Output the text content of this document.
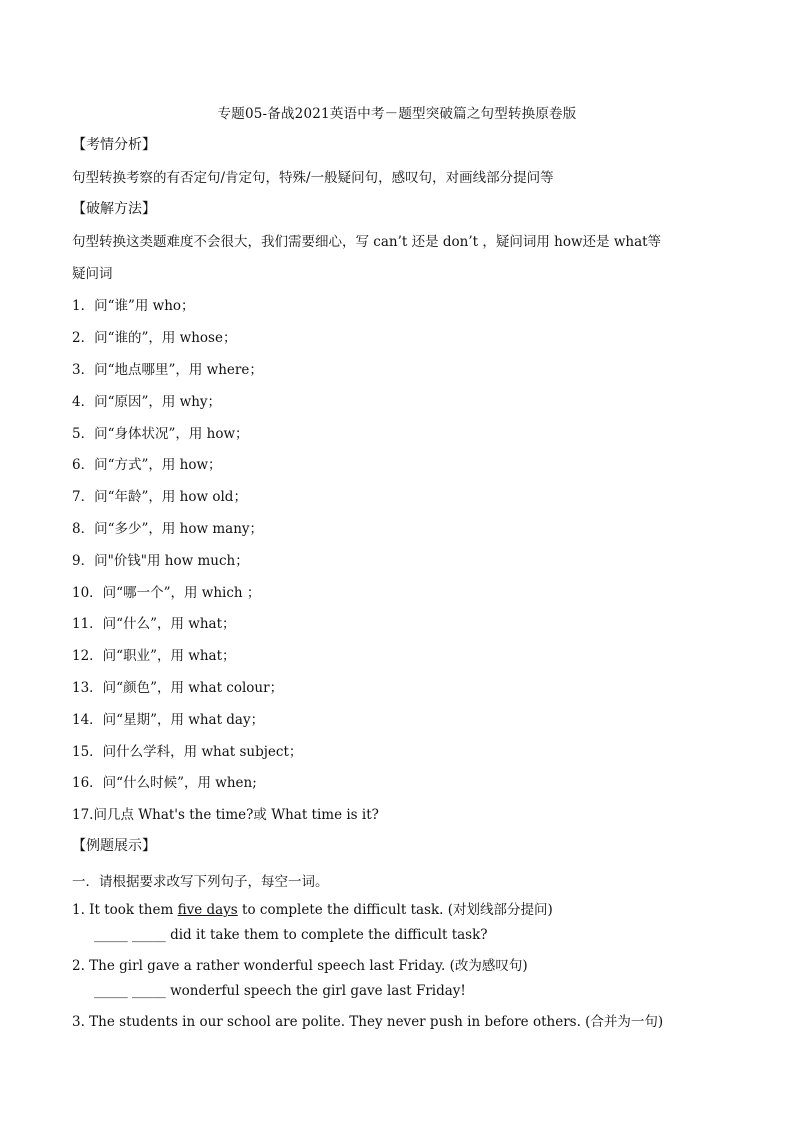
专题05-备战2021英语中考－题型突破篇之句型转换原卷版
【考情分析】
句型转换考察的有否定句/肯定句，特殊/一般疑问句，感叹句，对画线部分提问等
【破解方法】
句型转换这类题难度不会很大，我们需要细心，写 can’t 还是 don’t ，疑问词用 how还是 what等
疑问词
1．问“谁”用 who；
2．问“谁的”，用 whose；
3．问“地点哪里”，用 where；
4．问“原因”，用 why；
5．问“身体状况”，用 how；
6．问“方式”，用 how；
7．问“年龄”，用 how old；
8．问“多少”，用 how many；
9．问"价钱"用 how much；
10．问“哪一个”，用 which ；
11．问“什么”，用 what；
12．问“职业”，用 what；
13．问“颜色”，用 what colour；
14．问“星期”，用 what day；
15．问什么学科，用 what subject；
16．问“什么时候”，用 when;
17.问几点 What's the time?或 What time is it?
【例题展示】
一．请根据要求改写下列句子，每空一词。
1. It took them five days to complete the difficult task. (对划线部分提问)
_____ _____ did it take them to complete the difficult task?
2. The girl gave a rather wonderful speech last Friday. (改为感叹句)
_____ _____ wonderful speech the girl gave last Friday!
3. The students in our school are polite. They never push in before others. (合并为一句)
